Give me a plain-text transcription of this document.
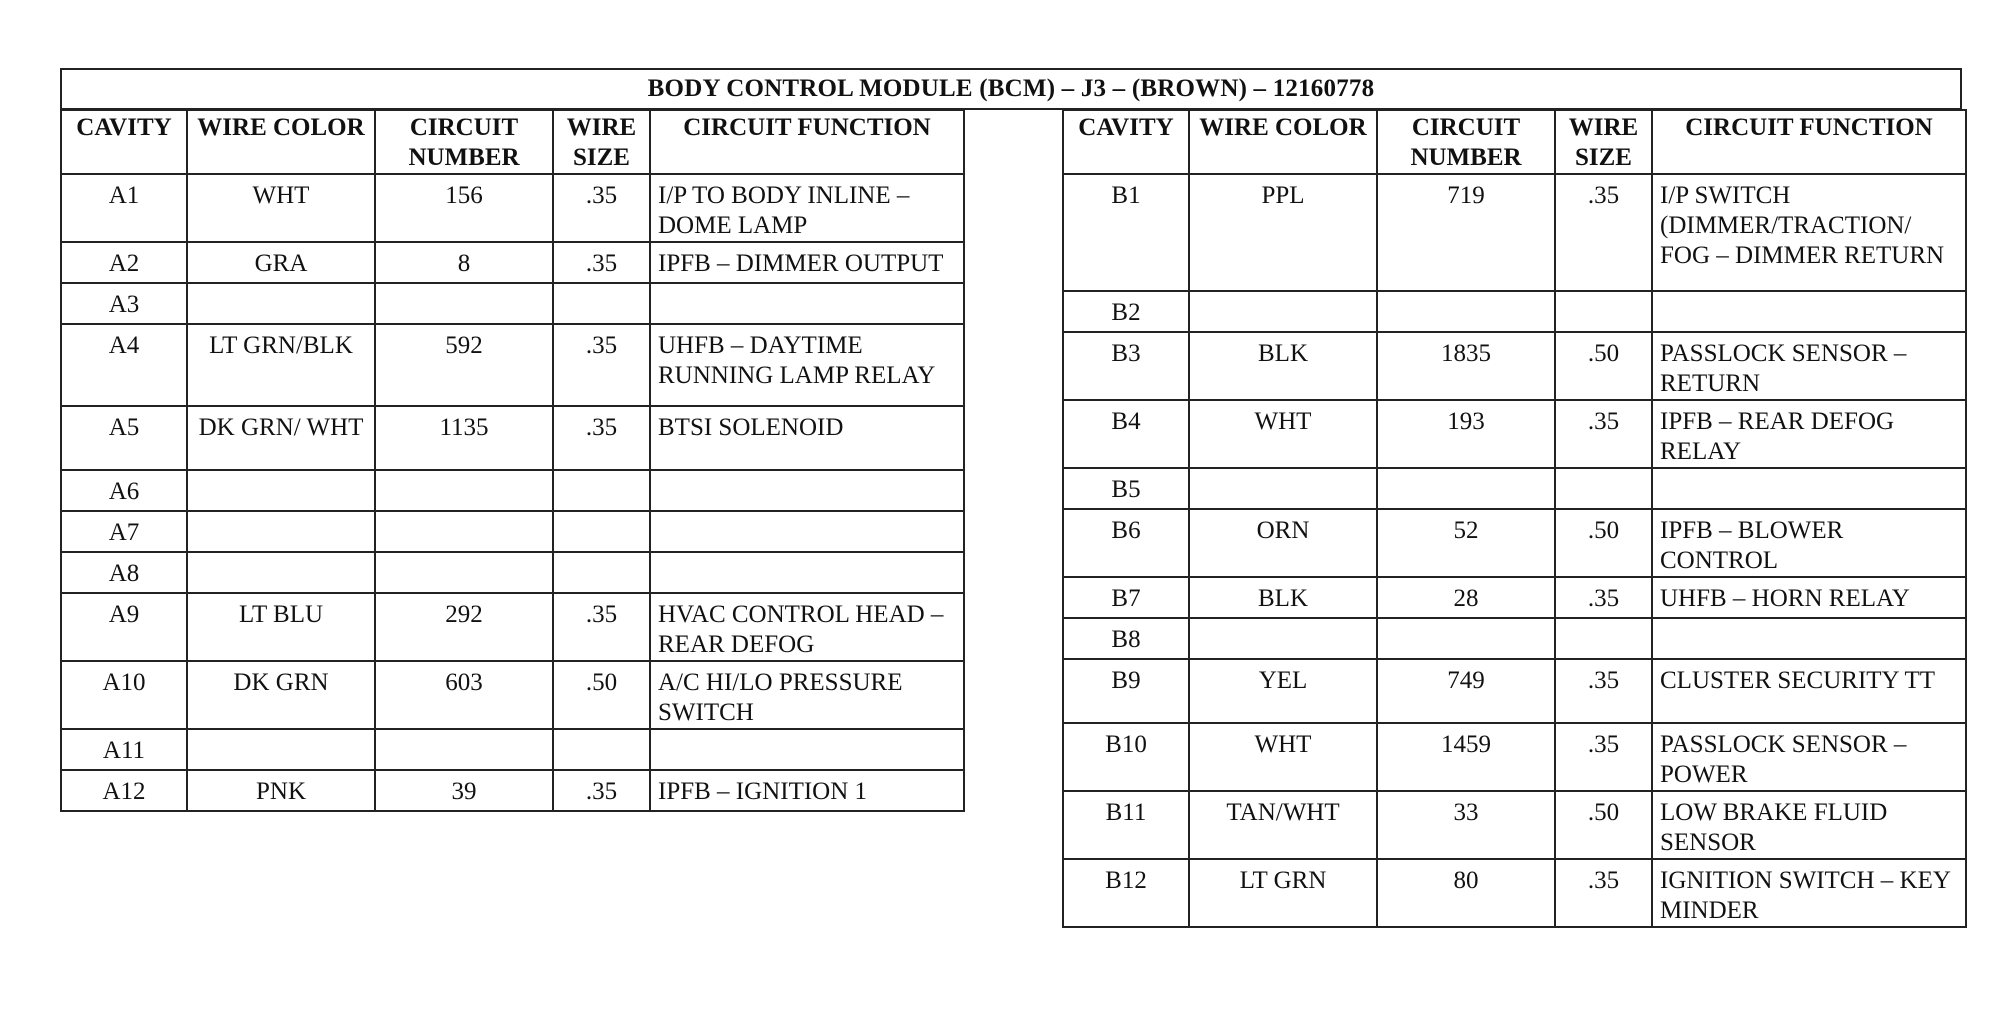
BODY CONTROL MODULE (BCM) – J3 – (BROWN) – 12160778
CAVITY	WIRE COLOR	CIRCUIT NUMBER	WIRE SIZE	CIRCUIT FUNCTION
A1	WHT	156	.35	I/P TO BODY INLINE – DOME LAMP
A2	GRA	8	.35	IPFB – DIMMER OUTPUT
A3				
A4	LT GRN/BLK	592	.35	UHFB – DAYTIME RUNNING LAMP RELAY
A5	DK GRN/ WHT	1135	.35	BTSI SOLENOID
A6				
A7				
A8				
A9	LT BLU	292	.35	HVAC CONTROL HEAD – REAR DEFOG
A10	DK GRN	603	.50	A/C HI/LO PRESSURE SWITCH
A11				
A12	PNK	39	.35	IPFB – IGNITION 1
CAVITY	WIRE COLOR	CIRCUIT NUMBER	WIRE SIZE	CIRCUIT FUNCTION
B1	PPL	719	.35	I/P SWITCH (DIMMER/TRACTION/ FOG – DIMMER RETURN
B2				
B3	BLK	1835	.50	PASSLOCK SENSOR – RETURN
B4	WHT	193	.35	IPFB – REAR DEFOG RELAY
B5				
B6	ORN	52	.50	IPFB – BLOWER CONTROL
B7	BLK	28	.35	UHFB – HORN RELAY
B8				
B9	YEL	749	.35	CLUSTER SECURITY TT
B10	WHT	1459	.35	PASSLOCK SENSOR – POWER
B11	TAN/WHT	33	.50	LOW BRAKE FLUID SENSOR
B12	LT GRN	80	.35	IGNITION SWITCH – KEY MINDER
